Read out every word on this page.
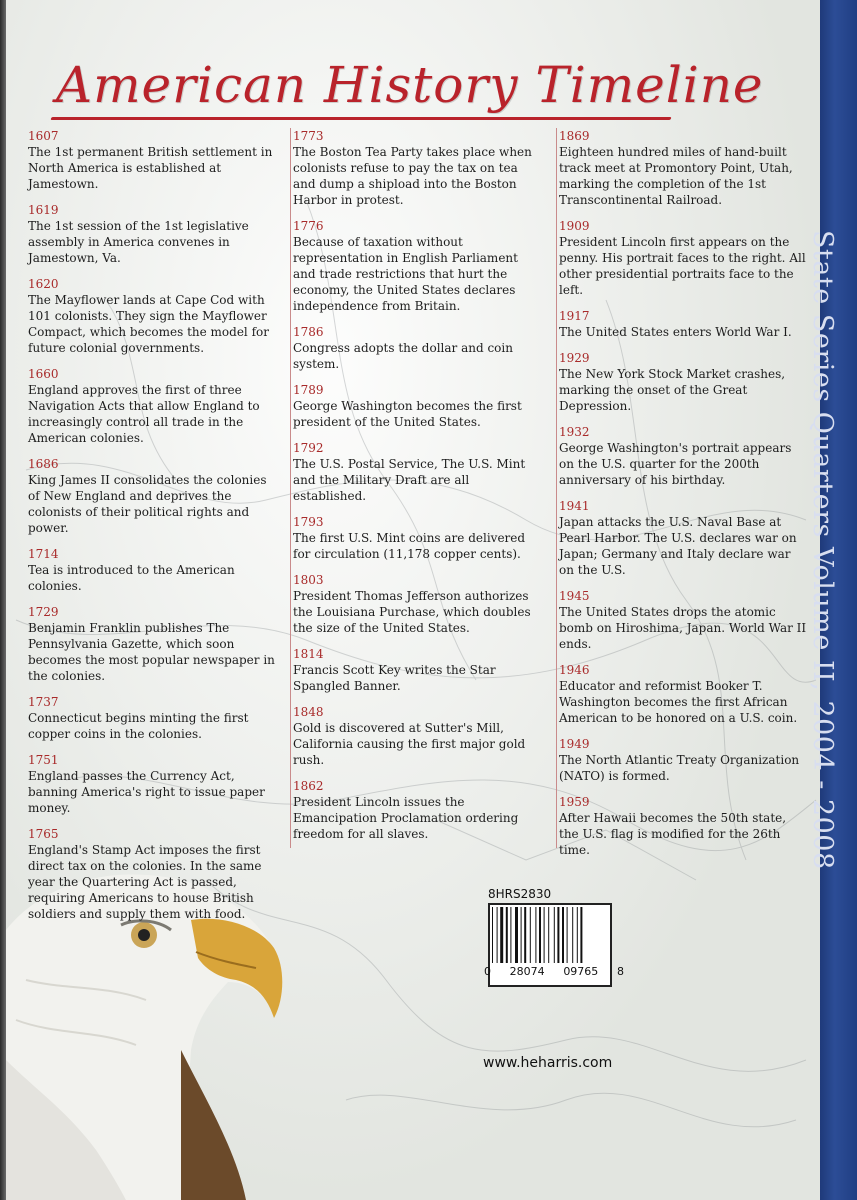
American History Timeline
1607
The 1st permanent British settlement in North America is established at Jamestown.
1619
The 1st session of the 1st legislative assembly in America convenes in Jamestown, Va.
1620
The Mayflower lands at Cape Cod with 101 colonists. They sign the Mayflower Compact, which becomes the model for future colonial governments.
1660
England approves the first of three Navigation Acts that allow England to increasingly control all trade in the American colonies.
1686
King James II consolidates the colonies of New England and deprives the colonists of their political rights and power.
1714
Tea is introduced to the American colonies.
1729
Benjamin Franklin publishes The Pennsylvania Gazette, which soon becomes the most popular newspaper in the colonies.
1737
Connecticut begins minting the first copper coins in the colonies.
1751
England passes the Currency Act, banning America's right to issue paper money.
1765
England's Stamp Act imposes the first direct tax on the colonies. In the same year the Quartering Act is passed, requiring Americans to house British soldiers and supply them with food.
1773
The Boston Tea Party takes place when colonists refuse to pay the tax on tea and dump a shipload into the Boston Harbor in protest.
1776
Because of taxation without representation in English Parliament and trade restrictions that hurt the economy, the United States declares independence from Britain.
1786
Congress adopts the dollar and coin system.
1789
George Washington becomes the first president of the United States.
1792
The U.S. Postal Service, The U.S. Mint and the Military Draft are all established.
1793
The first U.S. Mint coins are delivered for circulation (11,178 copper cents).
1803
President Thomas Jefferson authorizes the Louisiana Purchase, which doubles the size of the United States.
1814
Francis Scott Key writes the Star Spangled Banner.
1848
Gold is discovered at Sutter's Mill, California causing the first major gold rush.
1862
President Lincoln issues the Emancipation Proclamation ordering freedom for all slaves.
1869
Eighteen hundred miles of hand-built track meet at Promontory Point, Utah, marking the completion of the 1st Transcontinental Railroad.
1909
President Lincoln first appears on the penny. His portrait faces to the right. All other presidential portraits face to the left.
1917
The United States enters World War I.
1929
The New York Stock Market crashes, marking the onset of the Great Depression.
1932
George Washington's portrait appears on the U.S. quarter for the 200th anniversary of his birthday.
1941
Japan attacks the U.S. Naval Base at Pearl Harbor. The U.S. declares war on Japan; Germany and Italy declare war on the U.S.
1945
The United States drops the atomic bomb on Hiroshima, Japan. World War II ends.
1946
Educator and reformist Booker T. Washington becomes the first African American to be honored on a U.S. coin.
1949
The North Atlantic Treaty Organization (NATO) is formed.
1959
After Hawaii becomes the 50th state, the U.S. flag is modified for the 26th time.
8HRS2830
0 28074 09765 8
www.heharris.com
State Series Quarters Volume II, 2004 - 2008
